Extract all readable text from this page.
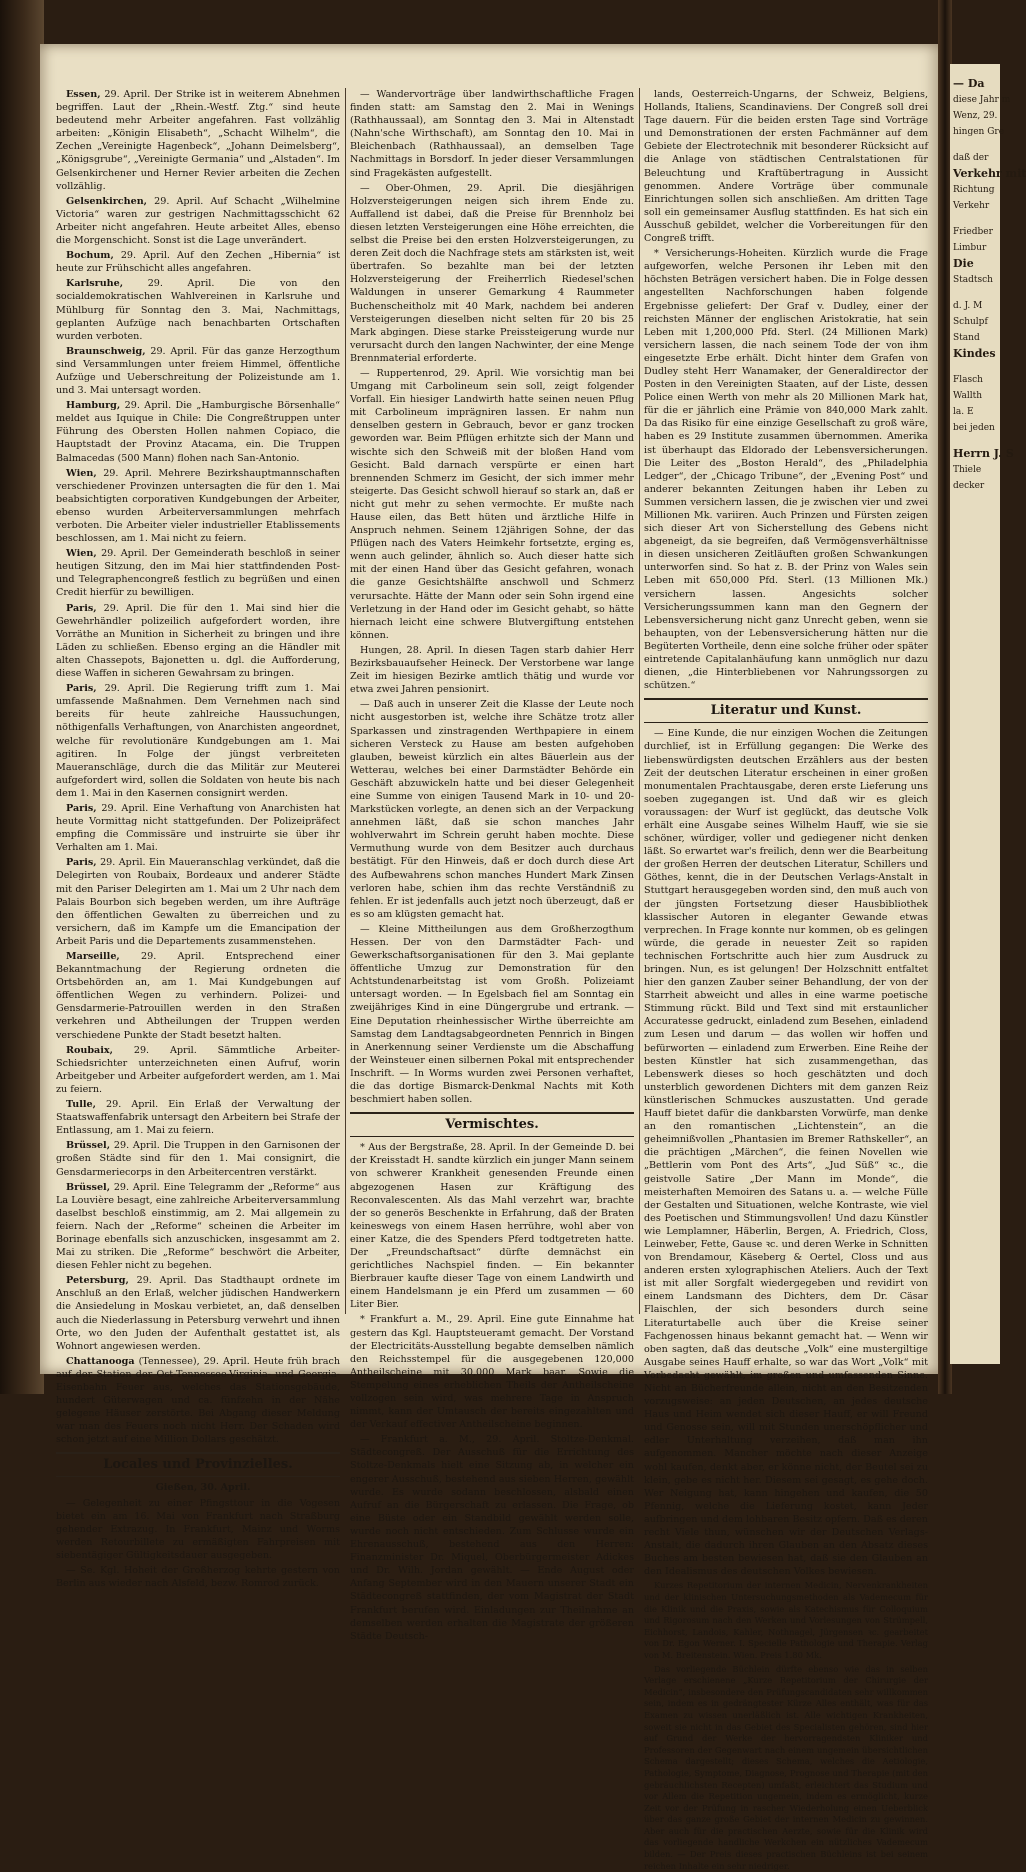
Essen, 29. April. Der Strike ist in weiterem Abnehmen begriffen. Laut der „Rhein.-Westf. Ztg.“ sind heute bedeutend mehr Arbeiter angefahren. Fast vollzählig arbeiten: „Königin Elisabeth“, „Schacht Wilhelm“, die Zechen „Vereinigte Hagenbeck“, „Johann Deimelsberg“, „Königsgrube“, „Vereinigte Germania“ und „Alstaden“. Im Gelsenkirchener und Herner Revier arbeiten die Zechen vollzählig.

Gelsenkirchen, 29. April. Auf Schacht „Wilhelmine Victoria“ waren zur gestrigen Nachmittagsschicht 62 Arbeiter nicht angefahren. Heute arbeitet Alles, ebenso die Morgenschicht. Sonst ist die Lage unverändert.

Bochum, 29. April. Auf den Zechen „Hibernia“ ist heute zur Frühschicht alles angefahren.

Karlsruhe,	29. April. Die von den socialdemokratischen Wahlvereinen in Karlsruhe und Mühlburg für Sonntag den 3. Mai, Nachmittags, geplanten Aufzüge nach benachbarten Ortschaften wurden verboten.

Braunschweig, 29. April. Für das ganze Herzogthum sind Versammlungen unter freiem Himmel, öffentliche Aufzüge und Ueberschreitung der Polizeistunde am 1. und 3. Mai untersagt worden.

Hamburg, 29. April. Die „Hamburgische Börsenhalle“ meldet aus Iquique in Chile: Die Congreßtruppen unter Führung des Obersten Hollen nahmen Copiaco, die Hauptstadt der Provinz Atacama, ein. Die Truppen Balmacedas (500 Mann) flohen nach San-Antonio.

Wien, 29. April. Mehrere Bezirkshauptmannschaften verschiedener Provinzen untersagten die für den 1. Mai beabsichtigten corporativen Kundgebungen der Arbeiter, ebenso wurden Arbeiterversammlungen mehrfach verboten. Die Arbeiter vieler industrieller Etablissements beschlossen, am 1. Mai nicht zu feiern.

Wien, 29. April. Der Gemeinderath beschloß in seiner heutigen Sitzung, den im Mai hier stattfindenden Post- und Telegraphencongreß festlich zu begrüßen und einen Credit hierfür zu bewilligen.

Paris, 29. April. Die für den 1. Mai sind hier die Gewehrhändler polizeilich aufgefordert worden, ihre Vorräthe an Munition in Sicherheit zu bringen und ihre Läden zu schließen. Ebenso erging an die Händler mit alten Chassepots, Bajonetten u. dgl. die Aufforderung, diese Waffen in sicheren Gewahrsam zu bringen.

Paris, 29. April. Die Regierung trifft zum 1. Mai umfassende Maßnahmen. Dem Vernehmen nach sind bereits für heute zahlreiche Haussuchungen, nöthigenfalls Verhaftungen, von Anarchisten angeordnet, welche für revolutionäre Kundgebungen am 1. Mai agitiren. In Folge der jüngst verbreiteten Maueranschläge, durch die das Militär zur Meuterei aufgefordert wird, sollen die Soldaten von heute bis nach dem 1. Mai in den Kasernen consignirt werden.

Paris, 29. April. Eine Verhaftung von Anarchisten hat heute Vormittag nicht stattgefunden. Der Polizeipräfect empfing die Commissäre und instruirte sie über ihr Verhalten am 1. Mai.

Paris, 29. April. Ein Maueranschlag verkündet, daß die Delegirten von Roubaix, Bordeaux und anderer Städte mit den Pariser Delegirten am 1. Mai um 2 Uhr nach dem Palais Bourbon sich begeben werden, um ihre Aufträge den öffentlichen Gewalten zu überreichen und zu versichern, daß im Kampfe um die Emancipation der Arbeit Paris und die Departements zusammenstehen.

Marseille, 29. April. Entsprechend einer Bekanntmachung der Regierung ordneten die Ortsbehörden an, am 1. Mai Kundgebungen auf öffentlichen Wegen zu verhindern. Polizei- und Gensdarmerie-Patrouillen werden in den Straßen verkehren und Abtheilungen der Truppen werden verschiedene Punkte der Stadt besetzt halten.

Roubaix, 29. April. Sämmtliche Arbeiter-Schiedsrichter unterzeichneten einen Aufruf, worin Arbeitgeber und Arbeiter aufgefordert werden, am 1. Mai zu feiern.

Tulle, 29. April. Ein Erlaß der Verwaltung der Staatswaffenfabrik untersagt den Arbeitern bei Strafe der Entlassung, am 1. Mai zu feiern.

Brüssel, 29. April. Die Truppen in den Garnisonen der großen Städte sind für den 1. Mai consignirt, die Gensdarmeriecorps in den Arbeitercentren verstärkt.

Brüssel, 29. April. Eine Telegramm der „Reforme“ aus La Louvière besagt, eine zahlreiche Arbeiterversammlung daselbst beschloß einstimmig, am 2. Mai allgemein zu feiern. Nach der „Reforme“ scheinen die Arbeiter im Borinage ebenfalls sich anzuschicken, insgesammt am 2. Mai zu striken. Die „Reforme“ beschwört die Arbeiter, diesen Fehler nicht zu begehen.

Petersburg, 29. April. Das Stadthaupt ordnete im Anschluß an den Erlaß, welcher jüdischen Handwerkern die Ansiedelung in Moskau verbietet, an, daß denselben auch die Niederlassung in Petersburg verwehrt und ihnen Orte, wo den Juden der Aufenthalt gestattet ist, als Wohnort angewiesen werden.

Chattanooga (Tennessee), 29. April. Heute früh brach auf der Station der Ost-Tennessee-Virginia- und Georgia-Eisenbahn Feuer aus, welches das Stationsgebäude, hundert Güterwagen und ca. fünfzehn in der Nähe gelegene Häuser zerstörte. Bei Abgang dieser Meldung war man des Feuers noch nicht Herr. Der Schaden wird schon jetzt auf eine Million Dollars geschätzt.

Locales und Provinzielles.

Gießen, 30. April.

— Gelegenheit zu einer Pfingsttour in die Vogesen bietet ein am 16. Mai von Frankfurt nach Straßburg gehender Extrazug. In Frankfurt, Mainz und Worms werden Retourbillete zu ermäßigten Fahrpreisen mit siebentägiger Gültigkeitsdauer ausgegeben.

— Se. Kgl. Hoheit der Großherzog kehrte gestern von Berlin aus wieder nach Alsfeld, bezw. Romrod zurück.

— Wandervorträge über landwirthschaftliche Fragen finden statt: am Samstag den 2. Mai in Wenings (Rathhaussaal), am Sonntag den 3. Mai in Altenstadt (Nahn'sche Wirthschaft), am Sonntag den 10. Mai in Bleichenbach (Rathhaussaal), an demselben Tage Nachmittags in Borsdorf. In jeder dieser Versammlungen sind Fragekästen aufgestellt.

— Ober-Ohmen, 29. April. Die diesjährigen Holzversteigerungen neigen sich ihrem Ende zu. Auffallend ist dabei, daß die Preise für Brennholz bei diesen letzten Versteigerungen eine Höhe erreichten, die selbst die Preise bei den ersten Holzversteigerungen, zu deren Zeit doch die Nachfrage stets am stärksten ist, weit übertrafen. So bezahlte man bei der letzten Holzversteigerung der Freiherrlich Riedesel'schen Waldungen in unserer Gemarkung 4 Raummeter Buchenscheitholz mit 40 Mark, nachdem bei anderen Versteigerungen dieselben nicht selten für 20 bis 25 Mark abgingen. Diese starke Preissteigerung wurde nur verursacht durch den langen Nachwinter, der eine Menge Brennmaterial erforderte.

— Ruppertenrod, 29. April. Wie vorsichtig man bei Umgang mit Carbolineum sein soll, zeigt folgender Vorfall. Ein hiesiger Landwirth hatte seinen neuen Pflug mit Carbolineum imprägniren lassen. Er nahm nun denselben gestern in Gebrauch, bevor er ganz trocken geworden war. Beim Pflügen erhitzte sich der Mann und wischte sich den Schweiß mit der bloßen Hand vom Gesicht. Bald darnach verspürte er einen hart brennenden Schmerz im Gesicht, der sich immer mehr steigerte. Das Gesicht schwoll hierauf so stark an, daß er nicht gut mehr zu sehen vermochte. Er mußte nach Hause eilen, das Bett hüten und ärztliche Hilfe in Anspruch nehmen. Seinem 12jährigen Sohne, der das Pflügen nach des Vaters Heimkehr fortsetzte, erging es, wenn auch gelinder, ähnlich so. Auch dieser hatte sich mit der einen Hand über das Gesicht gefahren, wonach die ganze Gesichtshälfte anschwoll und Schmerz verursachte. Hätte der Mann oder sein Sohn irgend eine Verletzung in der Hand oder im Gesicht gehabt, so hätte hiernach leicht eine schwere Blutvergiftung entstehen können.

Hungen, 28. April. In diesen Tagen starb dahier Herr Bezirksbauaufseher Heineck. Der Verstorbene war lange Zeit im hiesigen Bezirke amtlich thätig und wurde vor etwa zwei Jahren pensionirt.

— Daß auch in unserer Zeit die Klasse der Leute noch nicht ausgestorben ist, welche ihre Schätze trotz aller Sparkassen und zinstragenden Werthpapiere in einem sicheren Versteck zu Hause am besten aufgehoben glauben, beweist kürzlich ein altes Bäuerlein aus der Wetterau, welches bei einer Darmstädter Behörde ein Geschäft abzuwickeln hatte und bei dieser Gelegenheit eine Summe von einigen Tausend Mark in 10- und 20-Markstücken vorlegte, an denen sich an der Verpackung annehmen läßt, daß sie schon manches Jahr wohlverwahrt im Schrein geruht haben mochte. Diese Vermuthung wurde von dem Besitzer auch durchaus bestätigt. Für den Hinweis, daß er doch durch diese Art des Aufbewahrens schon manches Hundert Mark Zinsen verloren habe, schien ihm das rechte Verständniß zu fehlen. Er ist jedenfalls auch jetzt noch überzeugt, daß er es so am klügsten gemacht hat.

— Kleine Mittheilungen aus dem Großherzogthum Hessen. Der von den Darmstädter Fach- und Gewerkschaftsorganisationen für den 3. Mai geplante öffentliche Umzug zur Demonstration für den Achtstundenarbeitstag ist vom Großh. Polizeiamt untersagt worden. — In Egelsbach fiel am Sonntag ein zweijähriges Kind in eine Düngergrube und ertrank. — Eine Deputation rheinhessischer Wirthe überreichte am Samstag dem Landtagsabgeordneten Pennrich in Bingen in Anerkennung seiner Verdienste um die Abschaffung der Weinsteuer einen silbernen Pokal mit entsprechender Inschrift. — In Worms wurden zwei Personen verhaftet, die das dortige Bismarck-Denkmal Nachts mit Koth beschmiert haben sollen.

Vermischtes.

* Aus der Bergstraße, 28. April. In der Gemeinde D. bei der Kreisstadt H. sandte kürzlich ein junger Mann seinem von schwerer Krankheit genesenden Freunde einen abgezogenen Hasen zur Kräftigung des Reconvalescenten. Als das Mahl verzehrt war, brachte der so generös Beschenkte in Erfahrung, daß der Braten keineswegs von einem Hasen herrühre, wohl aber von einer Katze, die des Spenders Pferd todtgetreten hatte. Der „Freundschaftsact“ dürfte demnächst ein gerichtliches Nachspiel finden. — Ein bekannter Bierbrauer kaufte dieser Tage von einem Landwirth und einem Handelsmann je ein Pferd um zusammen — 60 Liter Bier.

* Frankfurt a. M., 29. April. Eine gute Einnahme hat gestern das Kgl. Hauptsteueramt gemacht. Der Vorstand der Electricitäts-Ausstellung begabte demselben nämlich den Reichsstempel für die ausgegebenen 120,000 Antheilscheine mit 30,000 Mark baar. Sowie die Stempelung eines erheblichen Theils der Antheilscheine vollzogen sein wird, was mehrere Tage in Anspruch nimmt, kann der Umtausch der bereits eingezahlten und der Verkauf effectiver Antheilscheine beginnen.

— Frankfurt a. M., 29. April. Stoltze-Denkmal. Städtecongreß. Der Ausschuß für die Errichtung des Stoltze-Denkmals hielt eine Sitzung ab, in welcher ein engerer Ausschuß, bestehend aus sieben Herren, gewählt wurde. Es wurde sodann beschlossen, alsbald einen Aufruf an die Bürgerschaft zu erlassen. Die Frage, ob eine Büste oder ein Standbild gewählt werden solle, wurde noch nicht entschieden. Zum Schlusse wurde ein Ehrenausschuß, bestehend aus den Herren: Finanzminister Dr. Miquel, Oberbürgermeister Adickes und Dr. Wilh. Jordan gewählt. — Ende August oder Anfang September wird in den Mauern unserer Stadt ein Städtecongreß stattfinden, der vom Magistrat der Stadt Frankfurt berufen wird. Einladungen zur Theilnahme an demselben werden erhalten die Magistrate der größeren Städte Deutsch-

lands, Oesterreich-Ungarns, der Schweiz, Belgiens, Hollands, Italiens, Scandinaviens. Der Congreß soll drei Tage dauern. Für die beiden ersten Tage sind Vorträge und Demonstrationen der ersten Fachmänner auf dem Gebiete der Electrotechnik mit besonderer Rücksicht auf die Anlage von städtischen Centralstationen für Beleuchtung und Kraftübertragung in Aussicht genommen. Andere Vorträge über communale Einrichtungen sollen sich anschließen. Am dritten Tage soll ein gemeinsamer Ausflug stattfinden. Es hat sich ein Ausschuß gebildet, welcher die Vorbereitungen für den Congreß trifft.

* Versicherungs-Hoheiten. Kürzlich wurde die Frage aufgeworfen, welche Personen ihr Leben mit den höchsten Beträgen versichert haben. Die in Folge dessen angestellten Nachforschungen haben folgende Ergebnisse geliefert: Der Graf v. Dudley, einer der reichsten Männer der englischen Aristokratie, hat sein Leben mit 1,200,000 Pfd. Sterl. (24 Millionen Mark) versichern lassen, die nach seinem Tode der von ihm eingesetzte Erbe erhält. Dicht hinter dem Grafen von Dudley steht Herr Wanamaker, der Generaldirector der Posten in den Vereinigten Staaten, auf der Liste, dessen Police einen Werth von mehr als 20 Millionen Mark hat, für die er jährlich eine Prämie von 840,000 Mark zahlt. Da das Risiko für eine einzige Gesellschaft zu groß wäre, haben es 29 Institute zusammen übernommen. Amerika ist überhaupt das Eldorado der Lebensversicherungen. Die Leiter des „Boston Herald“, des „Philadelphia Ledger“, der „Chicago Tribune“, der „Evening Post“ und anderer bekannten Zeitungen haben ihr Leben zu Summen versichern lassen, die je zwischen vier und zwei Millionen Mk. variiren. Auch Prinzen und Fürsten zeigen sich dieser Art von Sicherstellung des Gebens nicht abgeneigt, da sie begreifen, daß Vermögensverhältnisse in diesen unsicheren Zeitläuften großen Schwankungen unterworfen sind. So hat z. B. der Prinz von Wales sein Leben mit 650,000 Pfd. Sterl. (13 Millionen Mk.) versichern lassen. Angesichts solcher Versicherungssummen kann man den Gegnern der Lebensversicherung nicht ganz Unrecht geben, wenn sie behaupten, von der Lebensversicherung hätten nur die Begüterten Vortheile, denn eine solche früher oder später eintretende Capitalanhäufung kann unmöglich nur dazu dienen, „die Hinterbliebenen vor Nahrungssorgen zu schützen.“

Literatur und Kunst.

— Eine Kunde, die nur einzigen Wochen die Zeitungen durchlief, ist in Erfüllung gegangen: Die Werke des liebenswürdigsten deutschen Erzählers aus der besten Zeit der deutschen Literatur erscheinen in einer großen monumentalen Prachtausgabe, deren erste Lieferung uns soeben zugegangen ist. Und daß wir es gleich voraussagen: der Wurf ist geglückt, das deutsche Volk erhält eine Ausgabe seines Wilhelm Hauff, wie sie sie schöner, würdiger, voller und gediegener nicht denken läßt. So erwartet war's freilich, denn wer die Bearbeitung der großen Herren der deutschen Literatur, Schillers und Göthes, kennt, die in der Deutschen Verlags-Anstalt in Stuttgart herausgegeben worden sind, den muß auch von der jüngsten Fortsetzung dieser Hausbibliothek klassischer Autoren in eleganter Gewande etwas verprechen. In Frage konnte nur kommen, ob es gelingen würde, die gerade in neuester Zeit so rapiden technischen Fortschritte auch hier zum Ausdruck zu bringen. Nun, es ist gelungen! Der Holzschnitt entfaltet hier den ganzen Zauber seiner Behandlung, der von der Starrheit abweicht und alles in eine warme poetische Stimmung rückt. Bild und Text sind mit erstaunlicher Accuratesse gedruckt, einladend zum Besehen, einladend zum Lesen und darum — das wollen wir hoffen und befürworten — einladend zum Erwerben. Eine Reihe der besten Künstler hat sich zusammengethan, das Lebenswerk dieses so hoch geschätzten und doch unsterblich gewordenen Dichters mit dem ganzen Reiz künstlerischen Schmuckes auszustatten. Und gerade Hauff bietet dafür die dankbarsten Vorwürfe, man denke an den romantischen „Lichtenstein“, an die geheimnißvollen „Phantasien im Bremer Rathskeller“, an die prächtigen „Märchen“, die feinen Novellen wie „Bettlerin vom Pont des Arts“, „Jud Süß“ ꝛc., die geistvolle Satire „Der Mann im Monde“, die meisterhaften Memoiren des Satans u. a. — welche Fülle der Gestalten und Situationen, welche Kontraste, wie viel des Poetischen und Stimmungsvollen! Und dazu Künstler wie Lemplamner, Häberlin, Bergen, A. Friedrich, Closs, Leinweber, Fette, Gause ꝛc. und deren Werke in Schnitten von Brendamour, Käseberg & Oertel, Closs und aus anderen ersten xylographischen Ateliers. Auch der Text ist mit aller Sorgfalt wiedergegeben und revidirt von einem Landsmann des Dichters, dem Dr. Cäsar Flaischlen, der sich besonders durch seine Literaturtabelle auch über die Kreise seiner Fachgenossen hinaus bekannt gemacht hat. — Wenn wir oben sagten, daß das deutsche „Volk“ eine mustergiltige Ausgabe seines Hauff erhalte, so war das Wort „Volk“ mit Vorbedacht gewählt, im großen und umfassenden Sinne. Nicht an Bücherfreunde allein, nicht an den Besitzenden vorzugsweise: an jeden Deutschen, an jedes deutsche Haus und Heim wendet sich dieser Hauff, er will Freund und Genosse sein, will mit Stunden unerschöpflicher und edler Unterhaltung verzeihen, daß man ihn aufgenommen. Mancher möchte nach dieser Anzeige wohl kaufen, denkt aber, er könne nicht, der Beutel sei zu klein, gebe es nicht her. Diesem sei gesagt, es gehe doch. Wer Neigung hat, kann hingehen und kaufen, die 50 Pfennig, welche die Lieferung kostet, kann Jeder aufbringen und dem lohbaren Besitz opfern. Daß es deren recht Viele thun, wünschen wir der Deutschen Verlags-Anstalt, die dadurch ihren Glauben an den Absatz dieses Buches am besten bewiesen hat, daß sie den Glauben an den Idealismus des deutschen Volkes bewiesen.

Kurzes Repetitorium der internen Medicin, Nervenkrankheiten und der klinischen Untersuchungsmethoden als Vademecum für die Klinik und die Praxis, sowie als Katechismus für Colloquium und Rigorosum nach den Werken und Vorlesungen von Strümpell, Eichhorst, Landois, Kahler, Nothnagel, Jürgensen ꝛc. gearbeitet von Dr. Egon Werner. I. Specielle Pathologie und Therapie. Verlag von M. Breitenstein. Wien. Preis 1.80 Mk.

Das vorliegende Büchlein dürfte ebenso wie das in selben Verlage erschienene „Kurze Repetitorium der Chirurgie der Medicin“, insbesondere den Prüfungscandidaten sehr willkommen sein, indem es in gedrängtester Kürze Alles enthält, was für das Examen zu wissen unerläßlich ist. Alle wichtigen Krankheiten, soweit sie nicht in das Gebiet des Specialisten gehören, sind hier auf Grund der Werke der hervorragendsten Kliniker und Professoren der Gegenwart nach einem ungemein übersichtlichen Schema dargestellt; dieses Schema, welches die Aetiologie, Pathologie, Symptome, Diagnose, Prognose und Therapie (mit den gebräuchlichsten Recepten) umfaßt, erleichtert das Studium und vor Allem die Repetition ungemein, indem es ermöglicht, kurze Zeit vor der Prüfung in rascher Wiederholung einen Ueberblick über das ganze große Gebiet der internen Medicin zu gewinnen. Aber auch für die practischen Aerzte, sowie für die Klinik wird das vorliegende handliche Werkchen ein nützliches Vademecum bilden. — Der Preis dieses practischen Büchleins ist bei seinem reichen Inhalte ein sehr niedriger.

— Da
diese Jahr m
Wenz, 29.
hingen Gre
daß der
Verkehr mit
Richtung
Verkehr
Friedber
Limbur
Die
Stadtsch
d. J. M
Schulpf
Stand
Kindes
Flasch
Wallth
la. E
bei jeden
Herrn J. S
Thiele
decker
